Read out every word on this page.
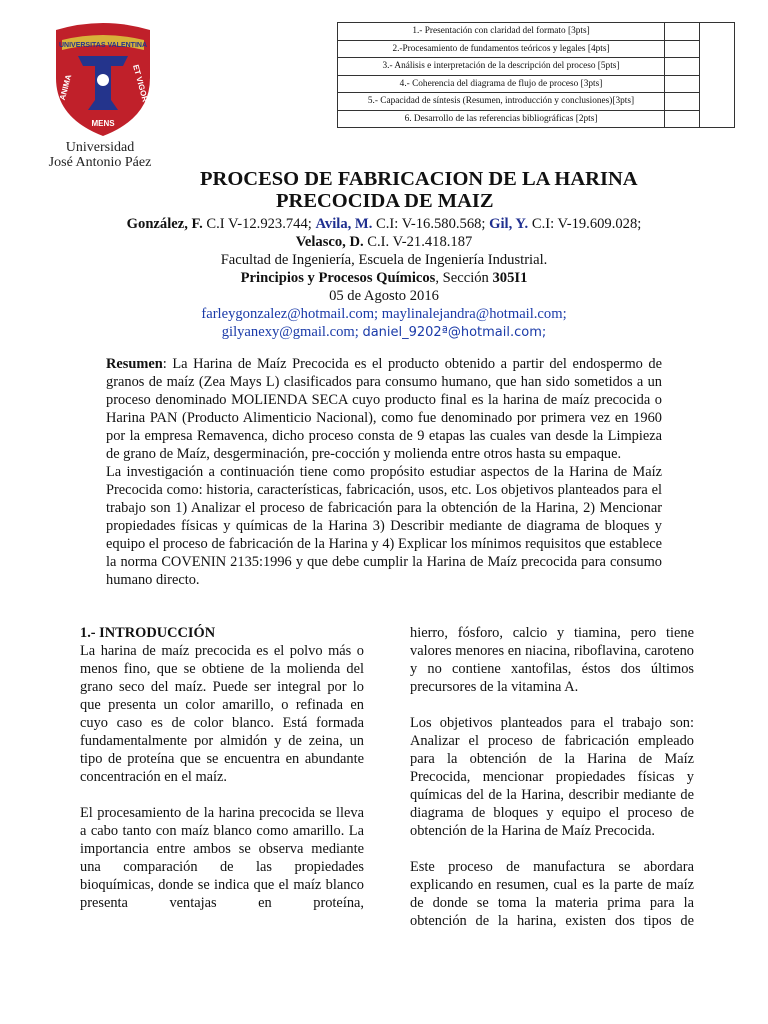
UNIVERSITAS VALENTINA
ANIMA	ET VIGOR
MENS
Universidad
José Antonio Páez
1.- Presentación con claridad del formato [3pts]		
2.-Procesamiento de fundamentos teóricos y legales [4pts]		
3.- Análisis e interpretación de la descripción del proceso [5pts]		
4.- Coherencia del diagrama de flujo de proceso [3pts]		
5.- Capacidad de síntesis (Resumen, introducción y conclusiones)[3pts]		
6. Desarrollo de las referencias bibliográficas [2pts]		
PROCESO DE FABRICACION DE LA HARINA
PRECOCIDA DE MAIZ
González, F. C.I V-12.923.744; Avila, M. C.I: V-16.580.568; Gil, Y. C.I: V-19.609.028;
Velasco, D. C.I. V-21.418.187
Facultad de Ingeniería, Escuela de Ingeniería Industrial.
Principios y Procesos Químicos, Sección 305I1
05 de Agosto 2016
farleygonzalez@hotmail.com; maylinalejandra@hotmail.com;
gilyanexy@gmail.com; daniel_9202ª@hotmail.com;

Resumen: La Harina de Maíz Precocida es el producto obtenido a partir del endospermo de granos de maíz (Zea Mays L) clasificados para consumo humano, que han sido sometidos a un proceso denominado MOLIENDA SECA cuyo producto final es la harina de maíz precocida o Harina PAN (Producto Alimenticio Nacional), como fue denominado por primera vez en 1960 por la empresa Remavenca, dicho proceso consta de 9 etapas las cuales van desde la Limpieza de grano de Maíz, desgerminación, pre-cocción y molienda entre otros hasta su empaque.

La investigación a continuación tiene como propósito estudiar aspectos de la Harina de Maíz Precocida como: historia, características, fabricación, usos, etc. Los objetivos planteados para el trabajo son 1) Analizar el proceso de fabricación para la obtención de la Harina, 2) Mencionar propiedades físicas y químicas de la Harina 3) Describir mediante de diagrama de bloques y equipo el proceso de fabricación de la Harina y 4) Explicar los mínimos requisitos que establece la norma COVENIN 2135:1996 y que debe cumplir la Harina de Maíz precocida para consumo humano directo.

1.- INTRODUCCIÓN

La harina de maíz precocida es el polvo más o menos fino, que se obtiene de la molienda del grano seco del maíz. Puede ser integral por lo que presenta un color amarillo, o refinada en cuyo caso es de color blanco. Está formada fundamentalmente por almidón y de zeina, un tipo de proteína que se encuentra en abundante concentración en el maíz.

El procesamiento de la harina precocida se lleva a cabo tanto con maíz blanco como amarillo. La importancia entre ambos se observa mediante una comparación de las propiedades bioquímicas, donde se indica que el maíz blanco presenta ventajas en proteína,

hierro, fósforo, calcio y tiamina, pero tiene valores menores en niacina, riboflavina, caroteno y no contiene xantofilas, éstos dos últimos precursores de la vitamina A.

Los objetivos planteados para el trabajo son: Analizar el proceso de fabricación empleado para la obtención de la Harina de Maíz Precocida, mencionar propiedades físicas y químicas del de la Harina, describir mediante de diagrama de bloques y equipo el proceso de obtención de la Harina de Maíz Precocida.

Este proceso de manufactura se abordara explicando en resumen, cual es la parte de maíz de donde se toma la materia prima para la obtención de la harina, existen dos tipos de
